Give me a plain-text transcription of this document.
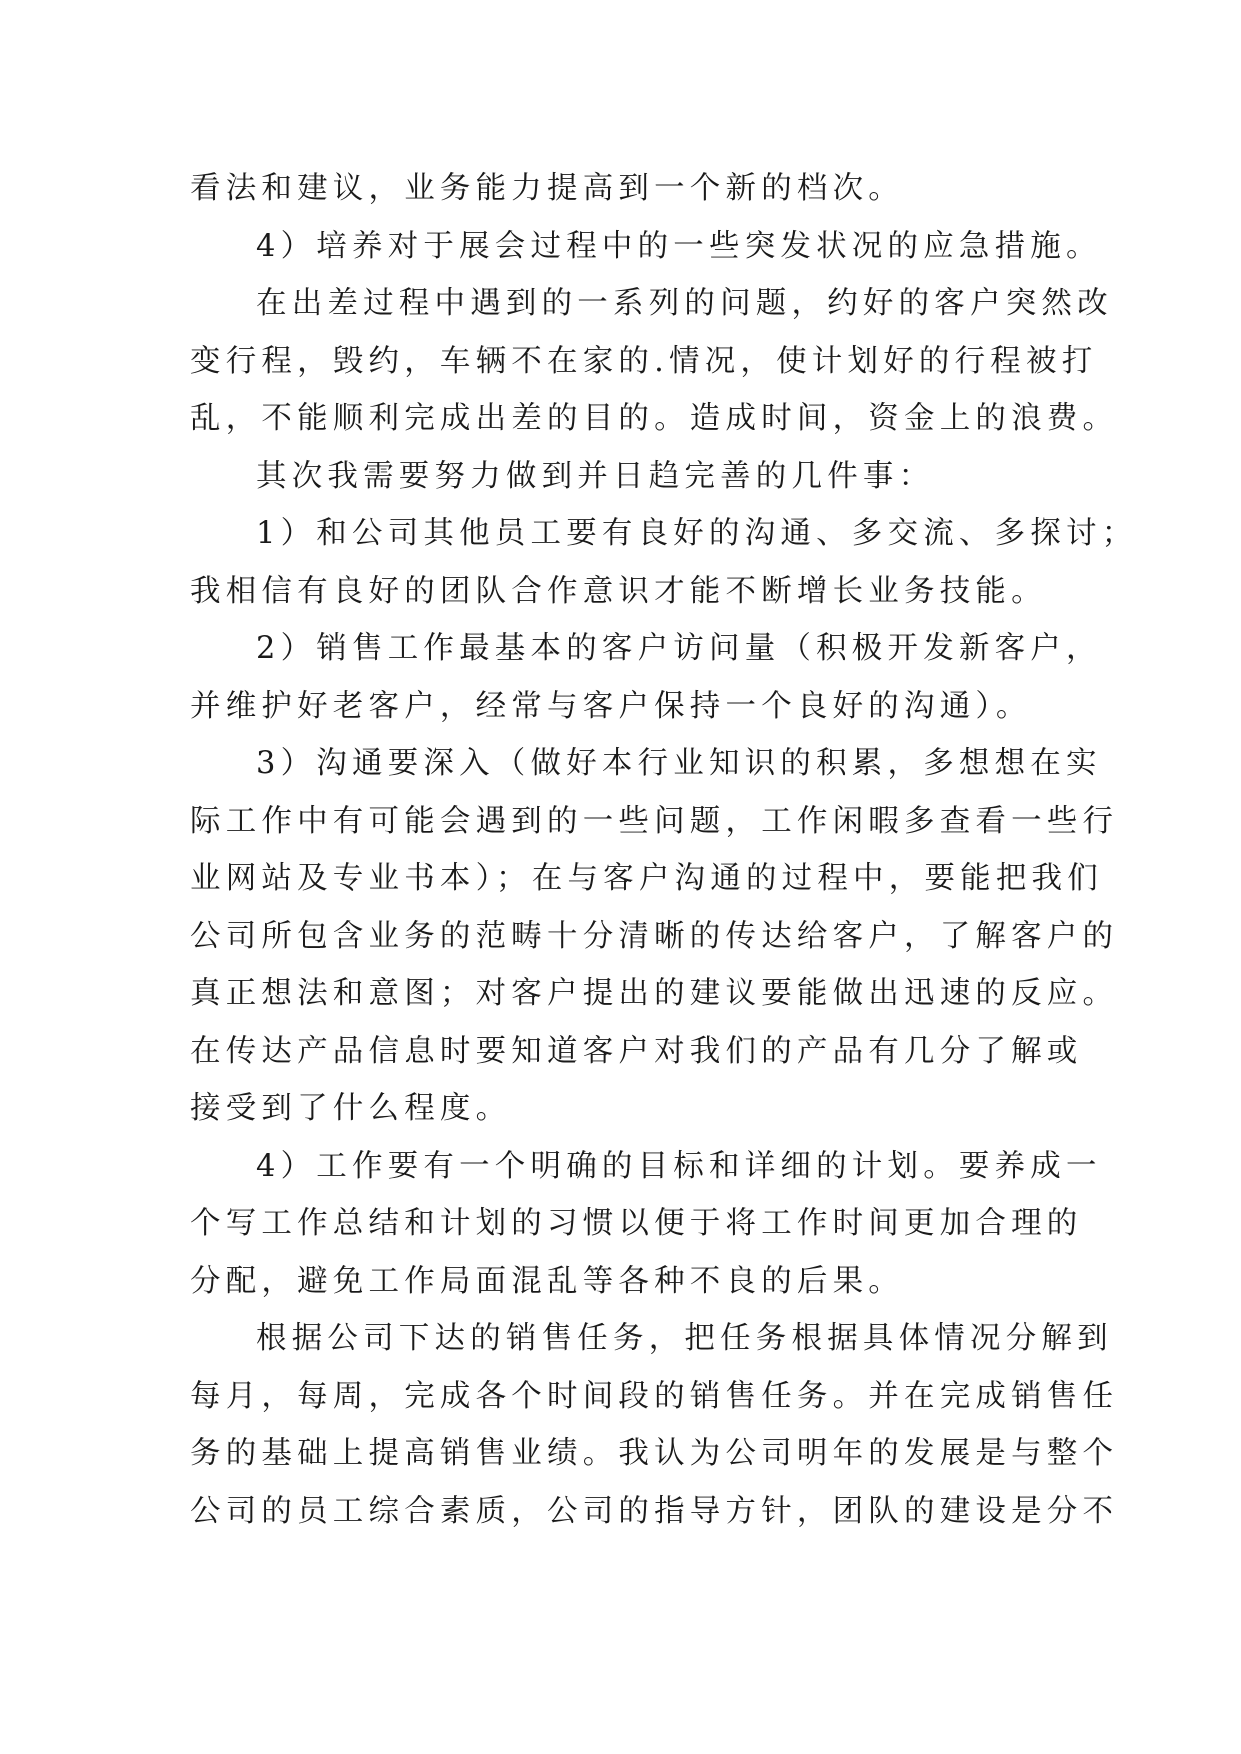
看法和建议，业务能力提高到一个新的档次。
4）培养对于展会过程中的一些突发状况的应急措施。
在出差过程中遇到的一系列的问题，约好的客户突然改
变行程，毁约，车辆不在家的.情况，使计划好的行程被打
乱，不能顺利完成出差的目的。造成时间，资金上的浪费。
其次我需要努力做到并日趋完善的几件事：
1）和公司其他员工要有良好的沟通、多交流、多探讨；
我相信有良好的团队合作意识才能不断增长业务技能。
2）销售工作最基本的客户访问量（积极开发新客户，
并维护好老客户，经常与客户保持一个良好的沟通）。
3）沟通要深入（做好本行业知识的积累，多想想在实
际工作中有可能会遇到的一些问题，工作闲暇多查看一些行
业网站及专业书本）；在与客户沟通的过程中，要能把我们
公司所包含业务的范畴十分清晰的传达给客户，了解客户的
真正想法和意图；对客户提出的建议要能做出迅速的反应。
在传达产品信息时要知道客户对我们的产品有几分了解或
接受到了什么程度。
4）工作要有一个明确的目标和详细的计划。要养成一
个写工作总结和计划的习惯以便于将工作时间更加合理的
分配，避免工作局面混乱等各种不良的后果。
根据公司下达的销售任务，把任务根据具体情况分解到
每月，每周，完成各个时间段的销售任务。并在完成销售任
务的基础上提高销售业绩。我认为公司明年的发展是与整个
公司的员工综合素质，公司的指导方针，团队的建设是分不
